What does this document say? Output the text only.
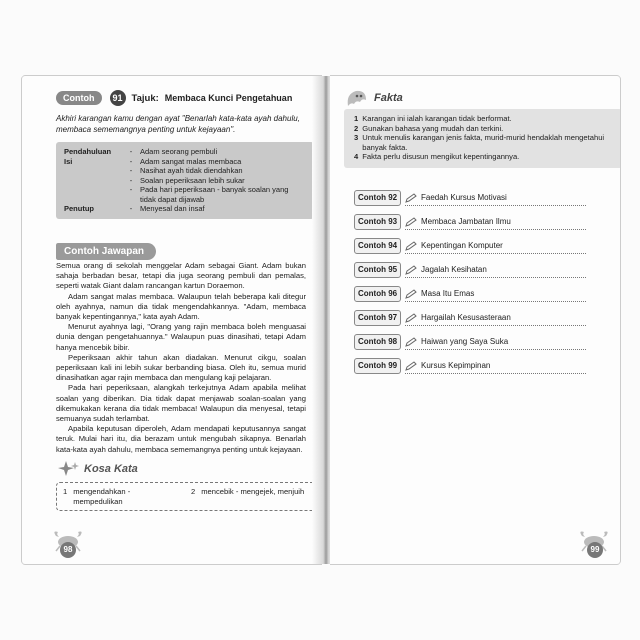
Contoh	91 Tajuk: Membaca Kunci Pengetahuan
Akhiri karangan kamu dengan ayat "Benarlah kata-kata ayah dahulu, membaca sememangnya penting untuk kejayaan".
Pendahuluan	-	Adam seorang pembuli
Isi	-	Adam sangat malas membaca
	-	Nasihat ayah tidak diendahkan
	-	Soalan peperiksaan lebih sukar
	-	Pada hari peperiksaan - banyak soalan yang tidak dapat dijawab
Penutup	-	Menyesal dan insaf
Contoh Jawapan

Semua orang di sekolah menggelar Adam sebagai Giant. Adam bukan sahaja berbadan besar, tetapi dia juga seorang pembuli dan pemalas, seperti watak Giant dalam rancangan kartun Doraemon.

Adam sangat malas membaca. Walaupun telah beberapa kali ditegur oleh ayahnya, namun dia tidak mengendahkannya. "Adam, membaca banyak kepentingannya," kata ayah Adam.

Menurut ayahnya lagi, "Orang yang rajin membaca boleh menguasai dunia dengan pengetahuannya." Walaupun puas dinasihati, tetapi Adam hanya mencebik bibir.

Peperiksaan akhir tahun akan diadakan. Menurut cikgu, soalan peperiksaan kali ini lebih sukar berbanding biasa. Oleh itu, semua murid dinasihatkan agar rajin membaca dan mengulang kaji pelajaran.

Pada hari peperiksaan, alangkah terkejutnya Adam apabila melihat soalan yang diberikan. Dia tidak dapat menjawab soalan-soalan yang dikemukakan kerana dia tidak membaca! Walaupun dia menyesal, tetapi semuanya sudah terlambat.

Apabila keputusan diperoleh, Adam mendapati keputusannya sangat teruk. Mulai hari itu, dia berazam untuk mengubah sikapnya. Benarlah kata-kata ayah dahulu, membaca sememangnya penting untuk kejayaan.

Kosa Kata
1 mengendahkan - mempedulikan
2 mencebik - mengejek, menjuih
98
Fakta
1 Karangan ini ialah karangan tidak berformat.
2 Gunakan bahasa yang mudah dan terkini.
3 Untuk menulis karangan jenis fakta, murid-murid hendaklah mengetahui banyak fakta.
4 Fakta perlu disusun mengikut kepentingannya.
Contoh 92	Faedah Kursus Motivasi
Contoh 93	Membaca Jambatan Ilmu
Contoh 94	Kepentingan Komputer
Contoh 95	Jagalah Kesihatan
Contoh 96	Masa Itu Emas
Contoh 97	Hargailah Kesusasteraan
Contoh 98	Haiwan yang Saya Suka
Contoh 99	Kursus Kepimpinan
99
